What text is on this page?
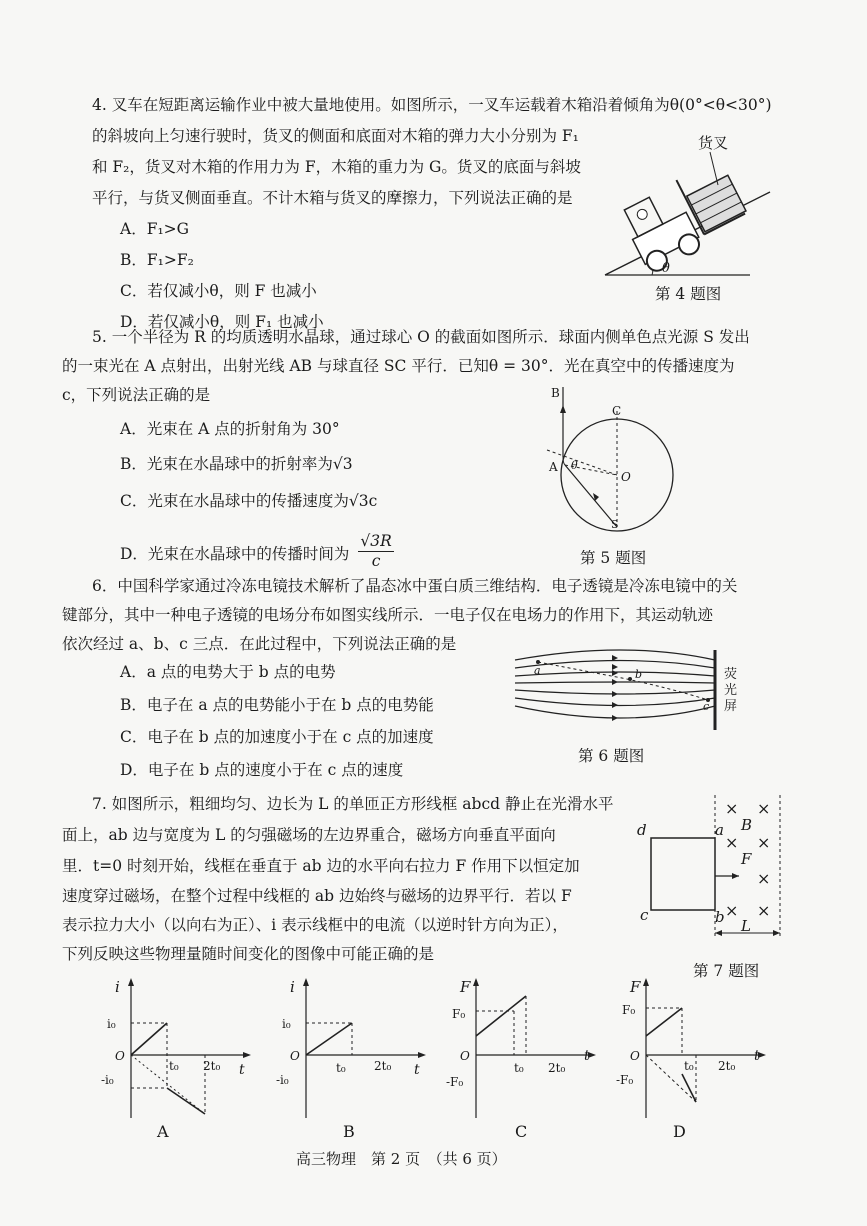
4. 叉车在短距离运输作业中被大量地使用。如图所示，一叉车运载着木箱沿着倾角为θ(0°<θ<30°)
的斜坡向上匀速行驶时，货叉的侧面和底面对木箱的弹力大小分别为 F₁
和 F₂，货叉对木箱的作用力为 F，木箱的重力为 G。货叉的底面与斜坡
平行，与货叉侧面垂直。不计木箱与货叉的摩擦力，下列说法正确的是
A．F₁>G
B．F₁>F₂
C．若仅减小θ，则 F 也减小
D．若仅减小θ，则 F₁ 也减小
货叉
θ
第 4 题图
5. 一个半径为 R 的均质透明水晶球，通过球心 O 的截面如图所示．球面内侧单色点光源 S 发出
的一束光在 A 点射出，出射光线 AB 与球直径 SC 平行．已知θ = 30°．光在真空中的传播速度为
c，下列说法正确的是
A．光束在 A 点的折射角为 30°
B．光束在水晶球中的折射率为√3
C．光束在水晶球中的传播速度为√3c
D．光束在水晶球中的传播时间为 $\frac{√3R}{c}$
B
C
A θ
O
S
第 5 题图
6．中国科学家通过冷冻电镜技术解析了晶态冰中蛋白质三维结构．电子透镜是冷冻电镜中的关
键部分，其中一种电子透镜的电场分布如图实线所示．一电子仅在电场力的作用下，其运动轨迹
依次经过 a、b、c 三点．在此过程中，下列说法正确的是
A．a 点的电势大于 b 点的电势
B．电子在 a 点的电势能小于在 b 点的电势能
C．电子在 b 点的加速度小于在 c 点的加速度
D．电子在 b 点的速度小于在 c 点的速度
a	b
c
荧
光
屏
第 6 题图
7. 如图所示，粗细均匀、边长为 L 的单匝正方形线框 abcd 静止在光滑水平
面上，ab 边与宽度为 L 的匀强磁场的左边界重合，磁场方向垂直平面向
里．t=0 时刻开始，线框在垂直于 ab 边的水平向右拉力 F 作用下以恒定加
速度穿过磁场，在整个过程中线框的 ab 边始终与磁场的边界平行．若以 F
表示拉力大小（以向右为正）、i 表示线框中的电流（以逆时针方向为正），
下列反映这些物理量随时间变化的图像中可能正确的是
× ×
× ×
×
× ×
d	a
c	b
B
F
L
第 7 题图
i
i₀
O
-i₀
t₀ 2t₀ t
A
i
i₀
O
-i₀
t₀ 2t₀ t
B
F
F₀
O
-F₀
t₀ 2t₀
t
C
F
F₀
O
-F₀
2t₀
t
t₀
D
高三物理　第 2 页　（共 6 页）
